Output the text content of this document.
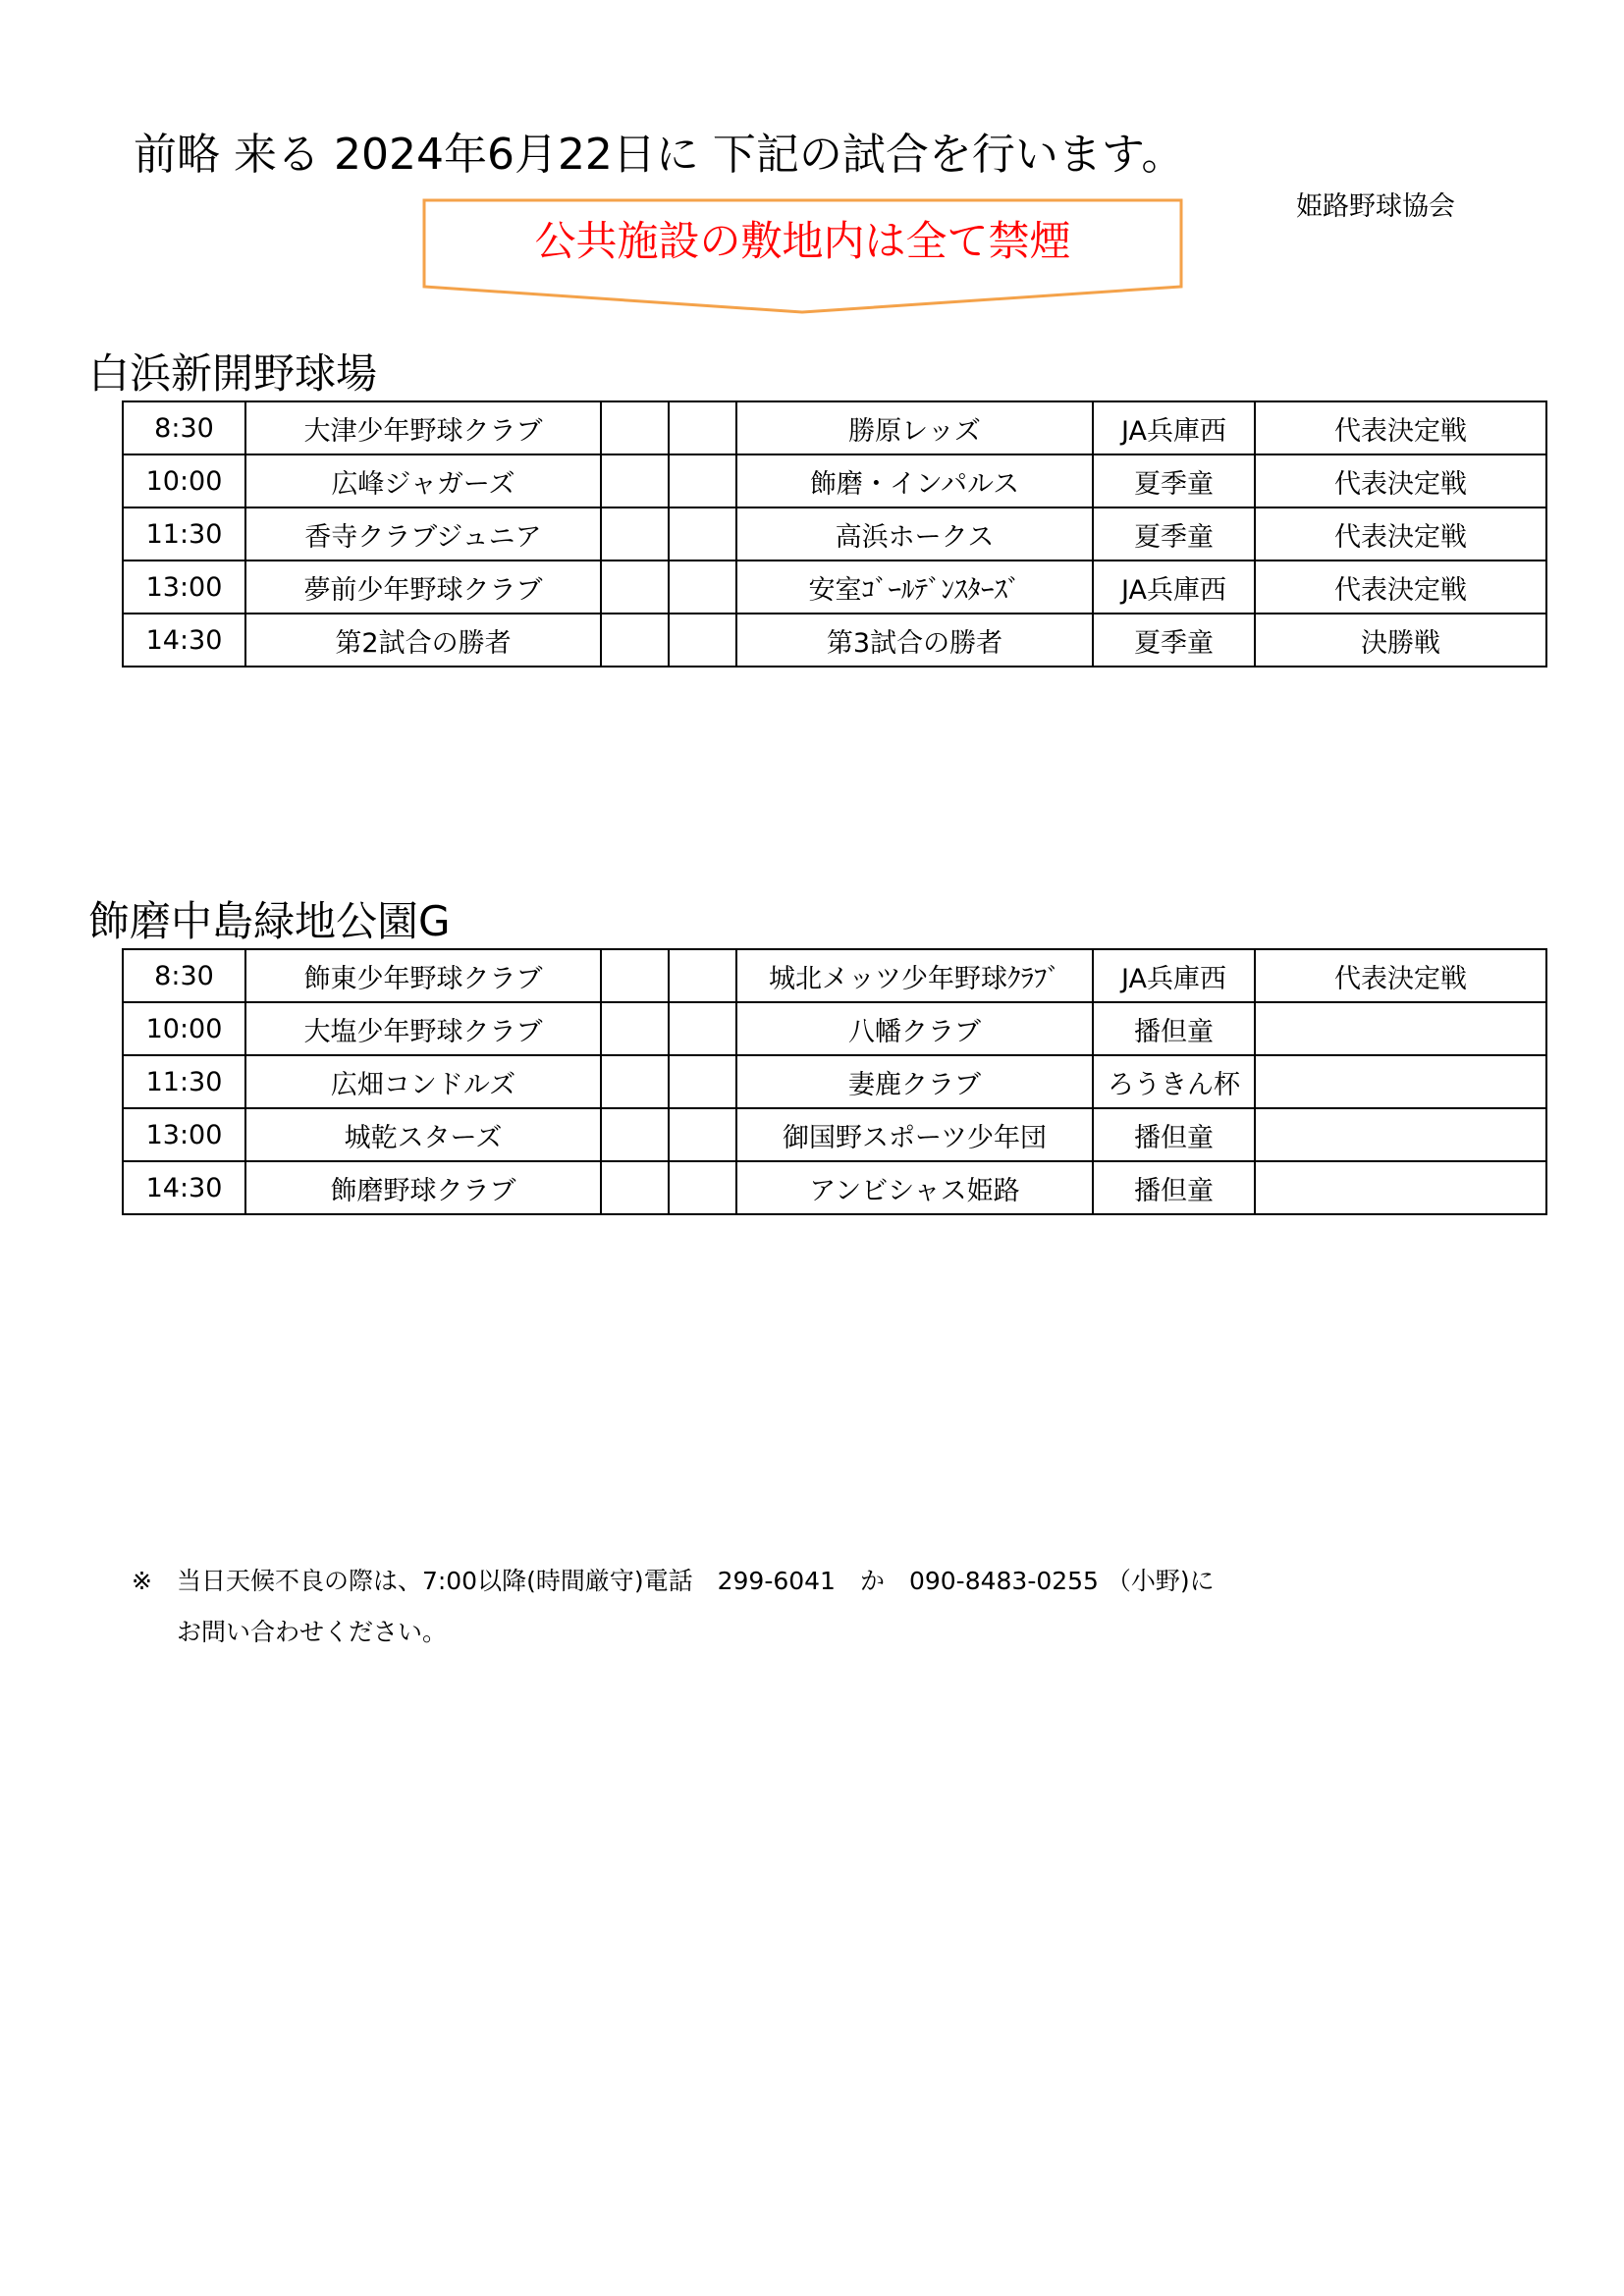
前略 来る 2024年6月22日に 下記の試合を行います。
姫路野球協会
公共施設の敷地内は全て禁煙
白浜新開野球場
8:30	大津少年野球クラブ			勝原レッズ	JA兵庫西	代表決定戦
10:00	広峰ジャガーズ			飾磨・インパルス	夏季童	代表決定戦
11:30	香寺クラブジュニア			高浜ホークス	夏季童	代表決定戦
13:00	夢前少年野球クラブ			安室ｺﾞｰﾙﾃﾞﾝｽﾀｰｽﾞ	JA兵庫西	代表決定戦
14:30	第2試合の勝者			第3試合の勝者	夏季童	決勝戦
飾磨中島緑地公園G
8:30	飾東少年野球クラブ			城北メッツ少年野球ｸﾗﾌﾞ	JA兵庫西	代表決定戦
10:00	大塩少年野球クラブ			八幡クラブ	播但童	
11:30	広畑コンドルズ			妻鹿クラブ	ろうきん杯	
13:00	城乾スターズ			御国野スポーツ少年団	播但童	
14:30	飾磨野球クラブ			アンビシャス姫路	播但童	
※　当日天候不良の際は、7:00以降(時間厳守)電話　299-6041　か　090-8483-0255 （小野)に
お問い合わせください。
